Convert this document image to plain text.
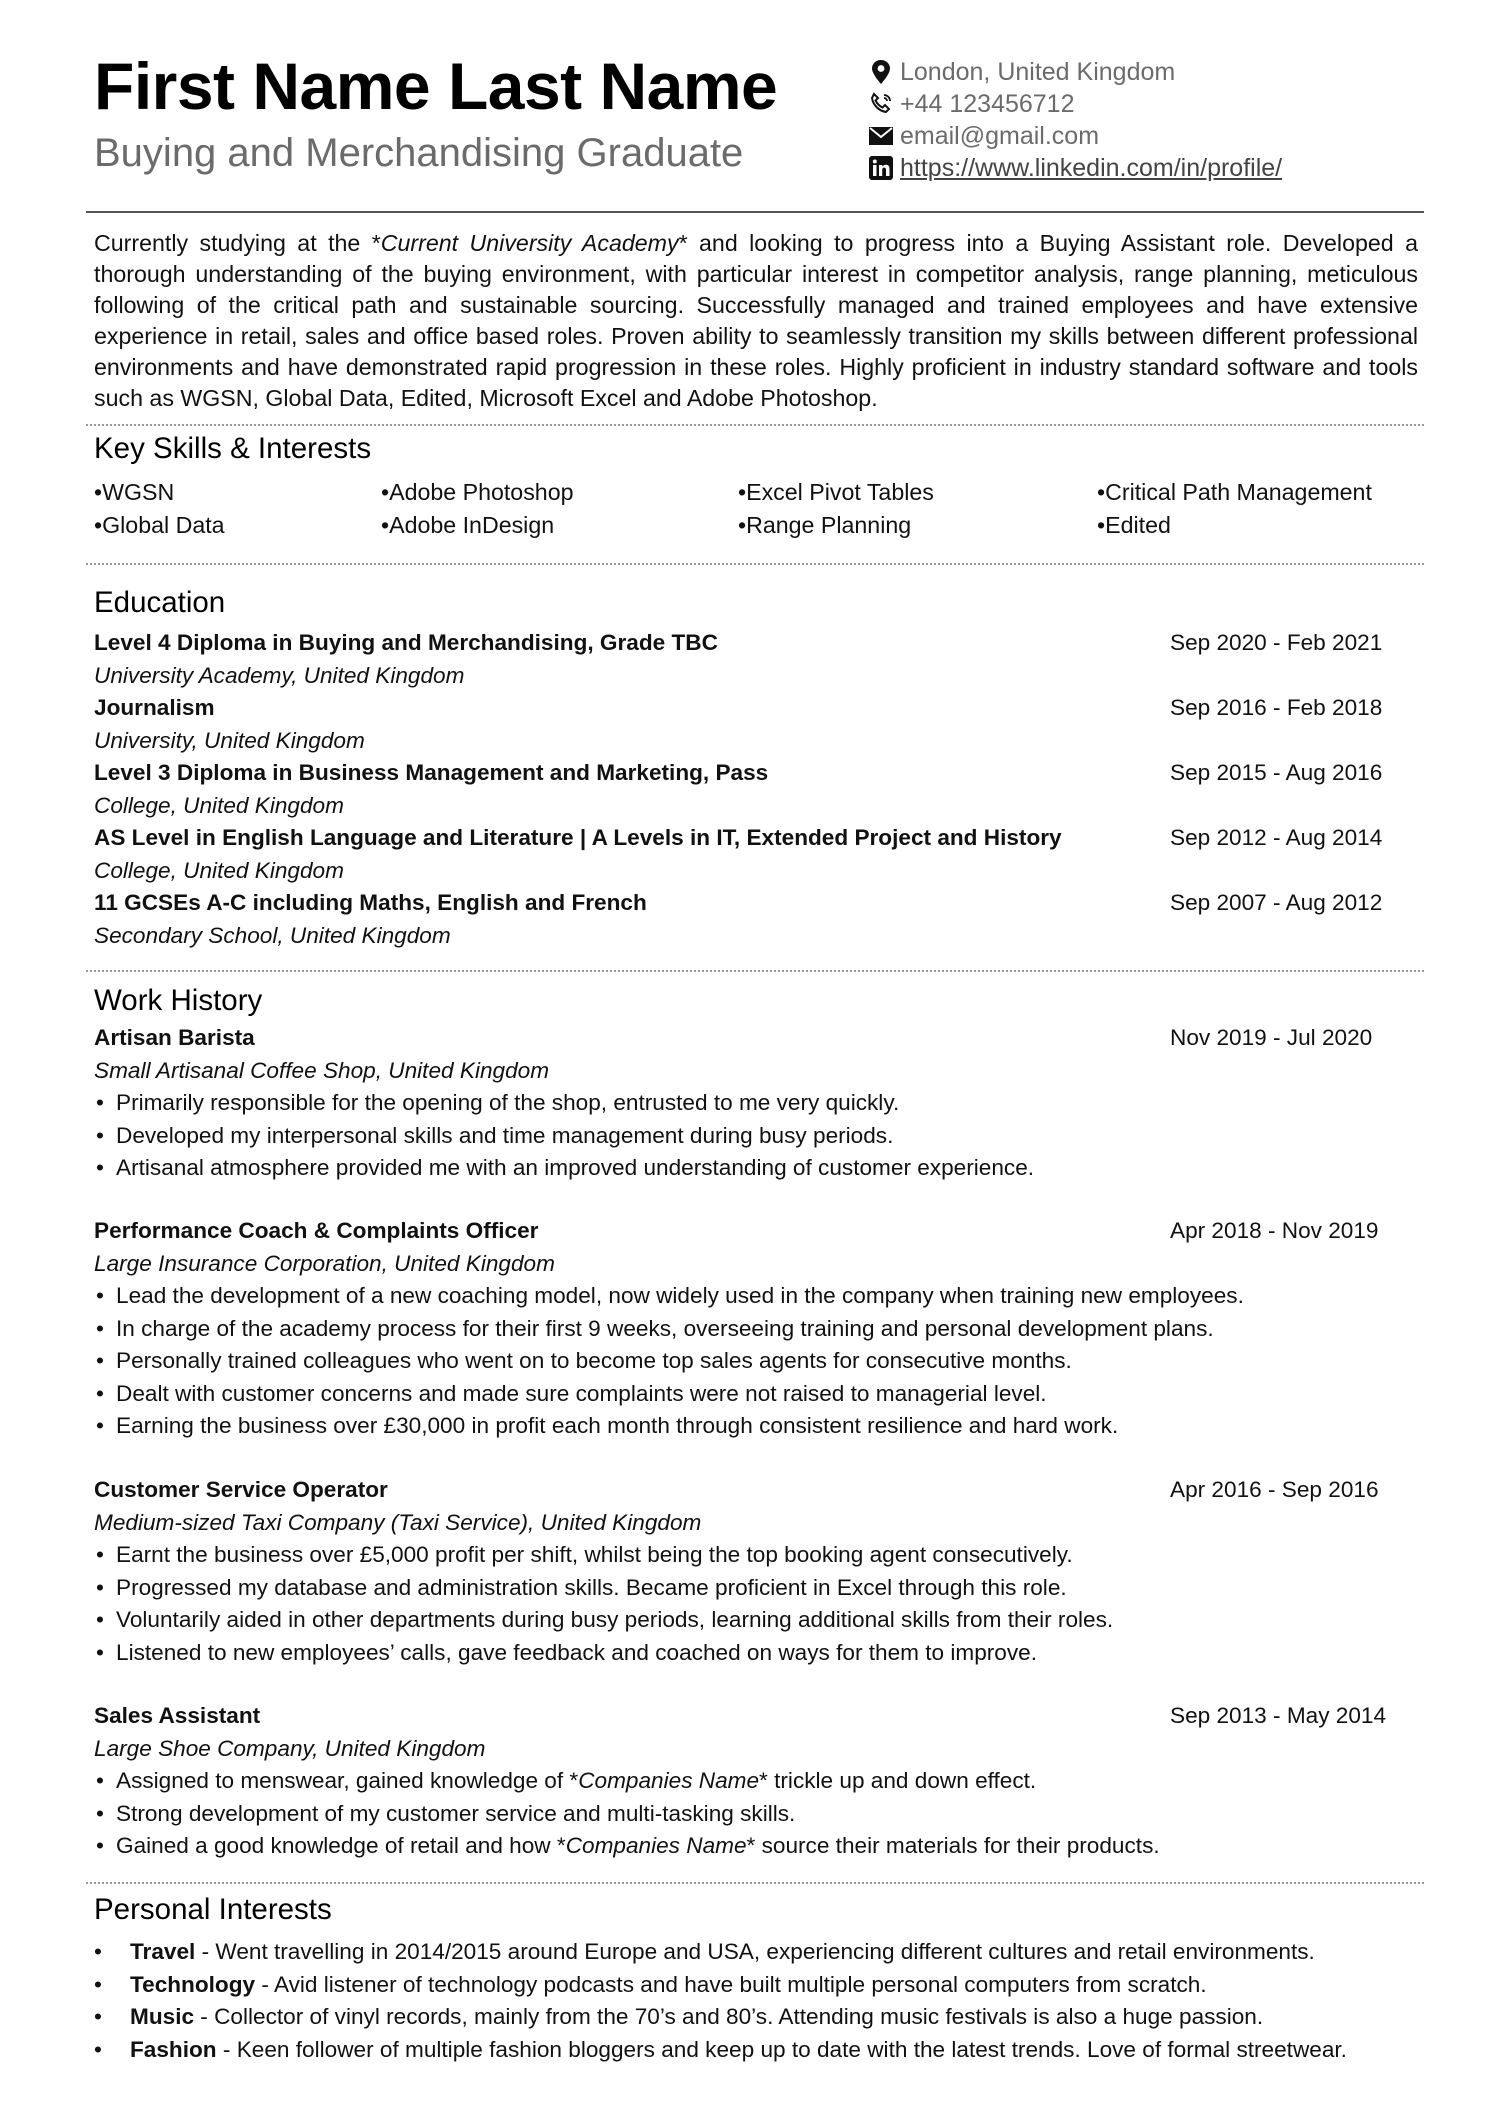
First Name Last Name
Buying and Merchandising Graduate
London, United Kingdom
+44 123456712
email@gmail.com
https://www.linkedin.com/in/profile/
Currently studying at the *Current University Academy* and looking to progress into a Buying Assistant role. Developed a thorough understanding of the buying environment, with particular interest in competitor analysis, range planning, meticulous following of the critical path and sustainable sourcing. Successfully managed and trained employees and have extensive experience in retail, sales and office based roles. Proven ability to seamlessly transition my skills between different professional environments and have demonstrated rapid progression in these roles. Highly proficient in industry standard software and tools such as WGSN, Global Data, Edited, Microsoft Excel and Adobe Photoshop.
Key Skills & Interests
•WGSN	•Adobe Photoshop	•Excel Pivot Tables	•Critical Path Management
•Global Data	•Adobe InDesign	•Range Planning	•Edited
Education
Level 4 Diploma in Buying and Merchandising, Grade TBC	Sep 2020 - Feb 2021
University Academy, United Kingdom
Journalism	Sep 2016 - Feb 2018
University, United Kingdom
Level 3 Diploma in Business Management and Marketing, Pass	Sep 2015 - Aug 2016
College, United Kingdom
AS Level in English Language and Literature | A Levels in IT, Extended Project and History	Sep 2012 - Aug 2014
College, United Kingdom
11 GCSEs A-C including Maths, English and French	Sep 2007 - Aug 2012
Secondary School, United Kingdom
Work History
Artisan Barista	Nov 2019 - Jul 2020
Small Artisanal Coffee Shop, United Kingdom
• Primarily responsible for the opening of the shop, entrusted to me very quickly.
• Developed my interpersonal skills and time management during busy periods.
• Artisanal atmosphere provided me with an improved understanding of customer experience.
Performance Coach & Complaints Officer	Apr 2018 - Nov 2019
Large Insurance Corporation, United Kingdom
• Lead the development of a new coaching model, now widely used in the company when training new employees.
• In charge of the academy process for their first 9 weeks, overseeing training and personal development plans.
• Personally trained colleagues who went on to become top sales agents for consecutive months.
• Dealt with customer concerns and made sure complaints were not raised to managerial level.
• Earning the business over £30,000 in profit each month through consistent resilience and hard work.
Customer Service Operator	Apr 2016 - Sep 2016
Medium-sized Taxi Company (Taxi Service), United Kingdom
• Earnt the business over £5,000 profit per shift, whilst being the top booking agent consecutively.
• Progressed my database and administration skills. Became proficient in Excel through this role.
• Voluntarily aided in other departments during busy periods, learning additional skills from their roles.
• Listened to new employees’ calls, gave feedback and coached on ways for them to improve.
Sales Assistant	Sep 2013 - May 2014
Large Shoe Company, United Kingdom
• Assigned to menswear, gained knowledge of *Companies Name* trickle up and down effect.
• Strong development of my customer service and multi-tasking skills.
• Gained a good knowledge of retail and how *Companies Name* source their materials for their products.
Personal Interests
• Travel - Went travelling in 2014/2015 around Europe and USA, experiencing different cultures and retail environments.
• Technology - Avid listener of technology podcasts and have built multiple personal computers from scratch.
• Music - Collector of vinyl records, mainly from the 70’s and 80’s. Attending music festivals is also a huge passion.
• Fashion - Keen follower of multiple fashion bloggers and keep up to date with the latest trends. Love of formal streetwear.
